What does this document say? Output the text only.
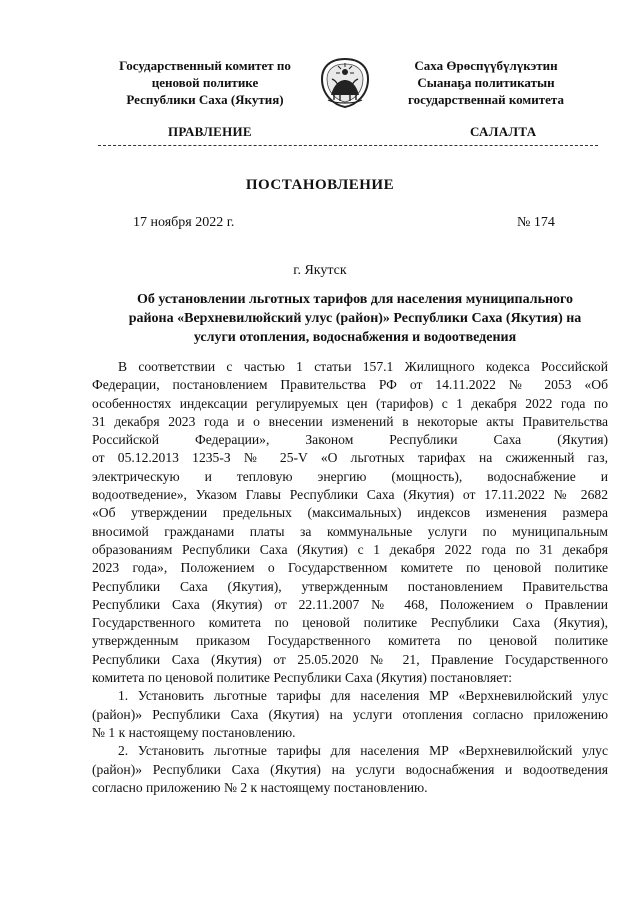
Государственный комитет по
ценовой политике
Республики Саха (Якутия)
Саха Өрөспүүбүлүкэтин
Сыанаҕа политикатын
государственнай комитета
ПРАВЛЕНИЕ	САЛАЛТА
ПОСТАНОВЛЕНИЕ
17 ноября 2022 г.	№ 174
г. Якутск
Об установлении льготных тарифов для населения муниципального
района «Верхневилюйский улус (район)» Республики Саха (Якутия) на
услуги отопления, водоснабжения и водоотведения
В соответствии с частью 1 статьи 157.1 Жилищного кодекса Российской
Федерации, постановлением Правительства РФ от 14.11.2022 № 2053 «Об
особенностях индексации регулируемых цен (тарифов) с 1 декабря 2022 года по
31 декабря 2023 года и о внесении изменений в некоторые акты Правительства
Российской Федерации», Законом Республики Саха (Якутия)
от 05.12.2013 1235-З № 25-V «О льготных тарифах на сжиженный газ,
электрическую и тепловую энергию (мощность), водоснабжение и
водоотведение», Указом Главы Республики Саха (Якутия) от 17.11.2022 № 2682
«Об утверждении предельных (максимальных) индексов изменения размера
вносимой гражданами платы за коммунальные услуги по муниципальным
образованиям Республики Саха (Якутия) с 1 декабря 2022 года по 31 декабря
2023 года», Положением о Государственном комитете по ценовой политике
Республики Саха (Якутия), утвержденным постановлением Правительства
Республики Саха (Якутия) от 22.11.2007 № 468, Положением о Правлении
Государственного комитета по ценовой политике Республики Саха (Якутия),
утвержденным приказом Государственного комитета по ценовой политике
Республики Саха (Якутия) от 25.05.2020 № 21, Правление Государственного
комитета по ценовой политике Республики Саха (Якутия) постановляет:
1. Установить льготные тарифы для населения МР «Верхневилюйский улус
(район)» Республики Саха (Якутия) на услуги отопления согласно приложению
№ 1 к настоящему постановлению.
2. Установить льготные тарифы для населения МР «Верхневилюйский улус
(район)» Республики Саха (Якутия) на услуги водоснабжения и водоотведения
согласно приложению № 2 к настоящему постановлению.
